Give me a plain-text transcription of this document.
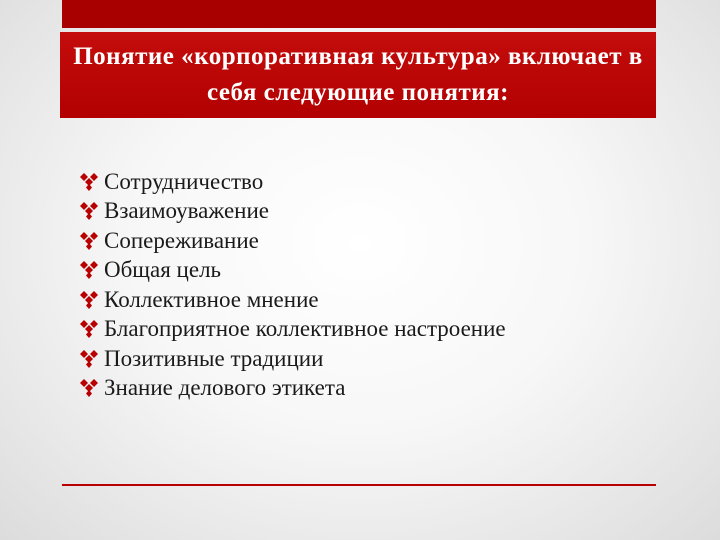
Понятие «корпоративная культура» включает в себя следующие понятия:
Сотрудничество
Взаимоуважение
Сопереживание
Общая цель
Коллективное мнение
Благоприятное коллективное настроение
Позитивные традиции
Знание делового этикета
